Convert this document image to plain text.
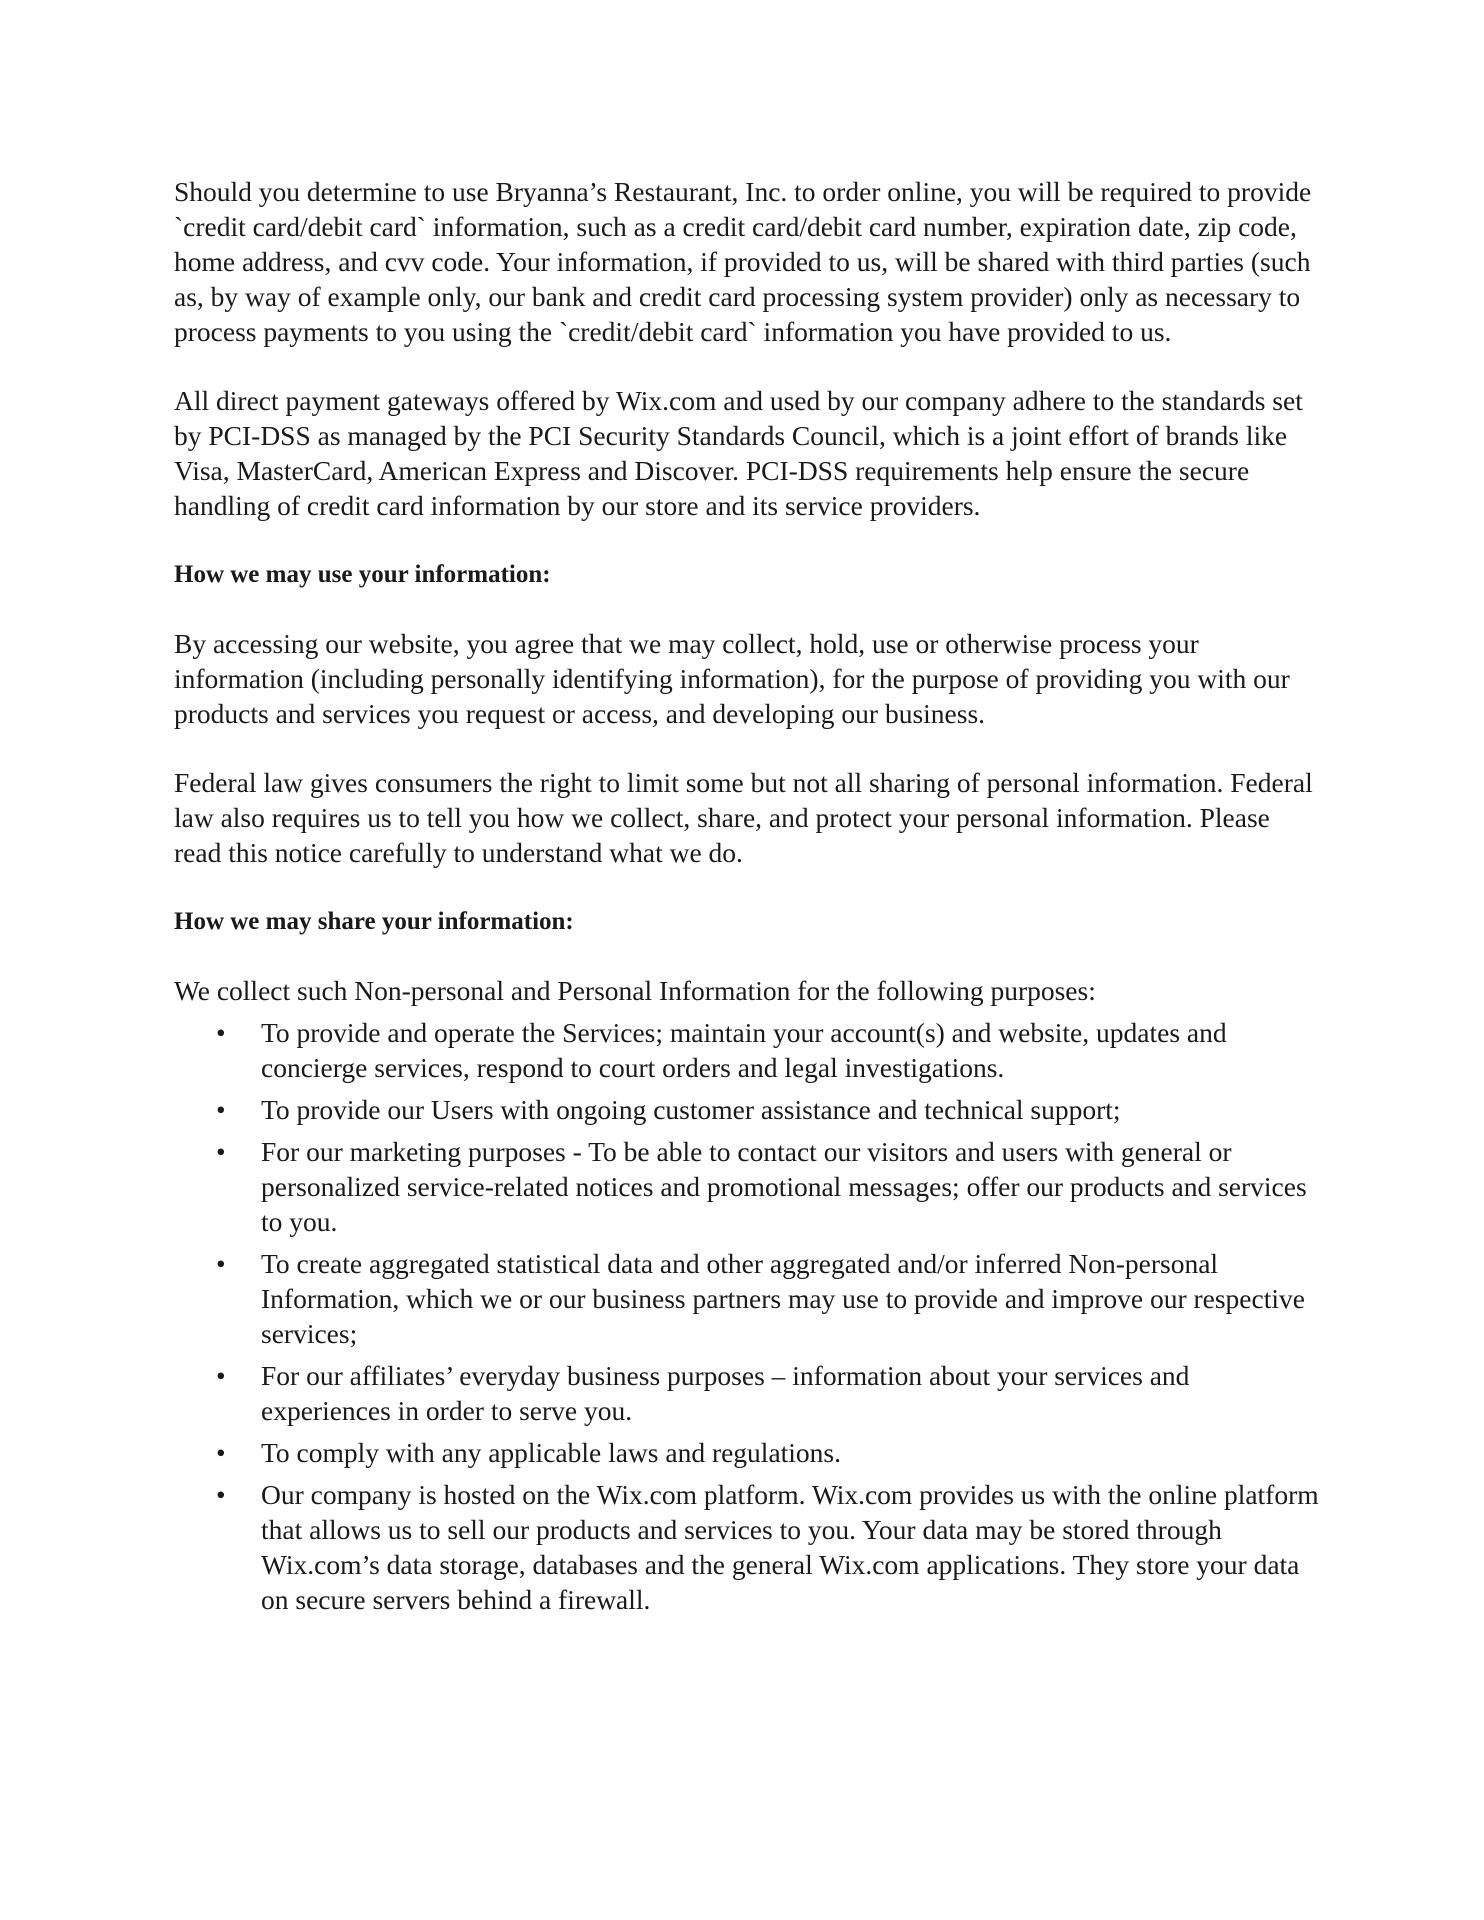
Should you determine to use Bryanna’s Restaurant, Inc. to order online, you will be required to provide `credit card/debit card` information, such as a credit card/debit card number, expiration date, zip code, home address, and cvv code. Your information, if provided to us, will be shared with third parties (such as, by way of example only, our bank and credit card processing system provider) only as necessary to process payments to you using the `credit/debit card` information you have provided to us.

All direct payment gateways offered by Wix.com and used by our company adhere to the standards set by PCI-DSS as managed by the PCI Security Standards Council, which is a joint effort of brands like Visa, MasterCard, American Express and Discover. PCI-DSS requirements help ensure the secure handling of credit card information by our store and its service providers.

How we may use your information:

By accessing our website, you agree that we may collect, hold, use or otherwise process your information (including personally identifying information), for the purpose of providing you with our products and services you request or access, and developing our business.

Federal law gives consumers the right to limit some but not all sharing of personal information. Federal law also requires us to tell you how we collect, share, and protect your personal information. Please read this notice carefully to understand what we do.

How we may share your information:

We collect such Non-personal and Personal Information for the following purposes:

• To provide and operate the Services; maintain your account(s) and website, updates and concierge services, respond to court orders and legal investigations.
• To provide our Users with ongoing customer assistance and technical support;
• For our marketing purposes - To be able to contact our visitors and users with general or personalized service-related notices and promotional messages; offer our products and services to you.
• To create aggregated statistical data and other aggregated and/or inferred Non-personal Information, which we or our business partners may use to provide and improve our respective services;
• For our affiliates’ everyday business purposes – information about your services and experiences in order to serve you.
• To comply with any applicable laws and regulations.
• Our company is hosted on the Wix.com platform. Wix.com provides us with the online platform that allows us to sell our products and services to you. Your data may be stored through Wix.com’s data storage, databases and the general Wix.com applications. They store your data on secure servers behind a firewall.
